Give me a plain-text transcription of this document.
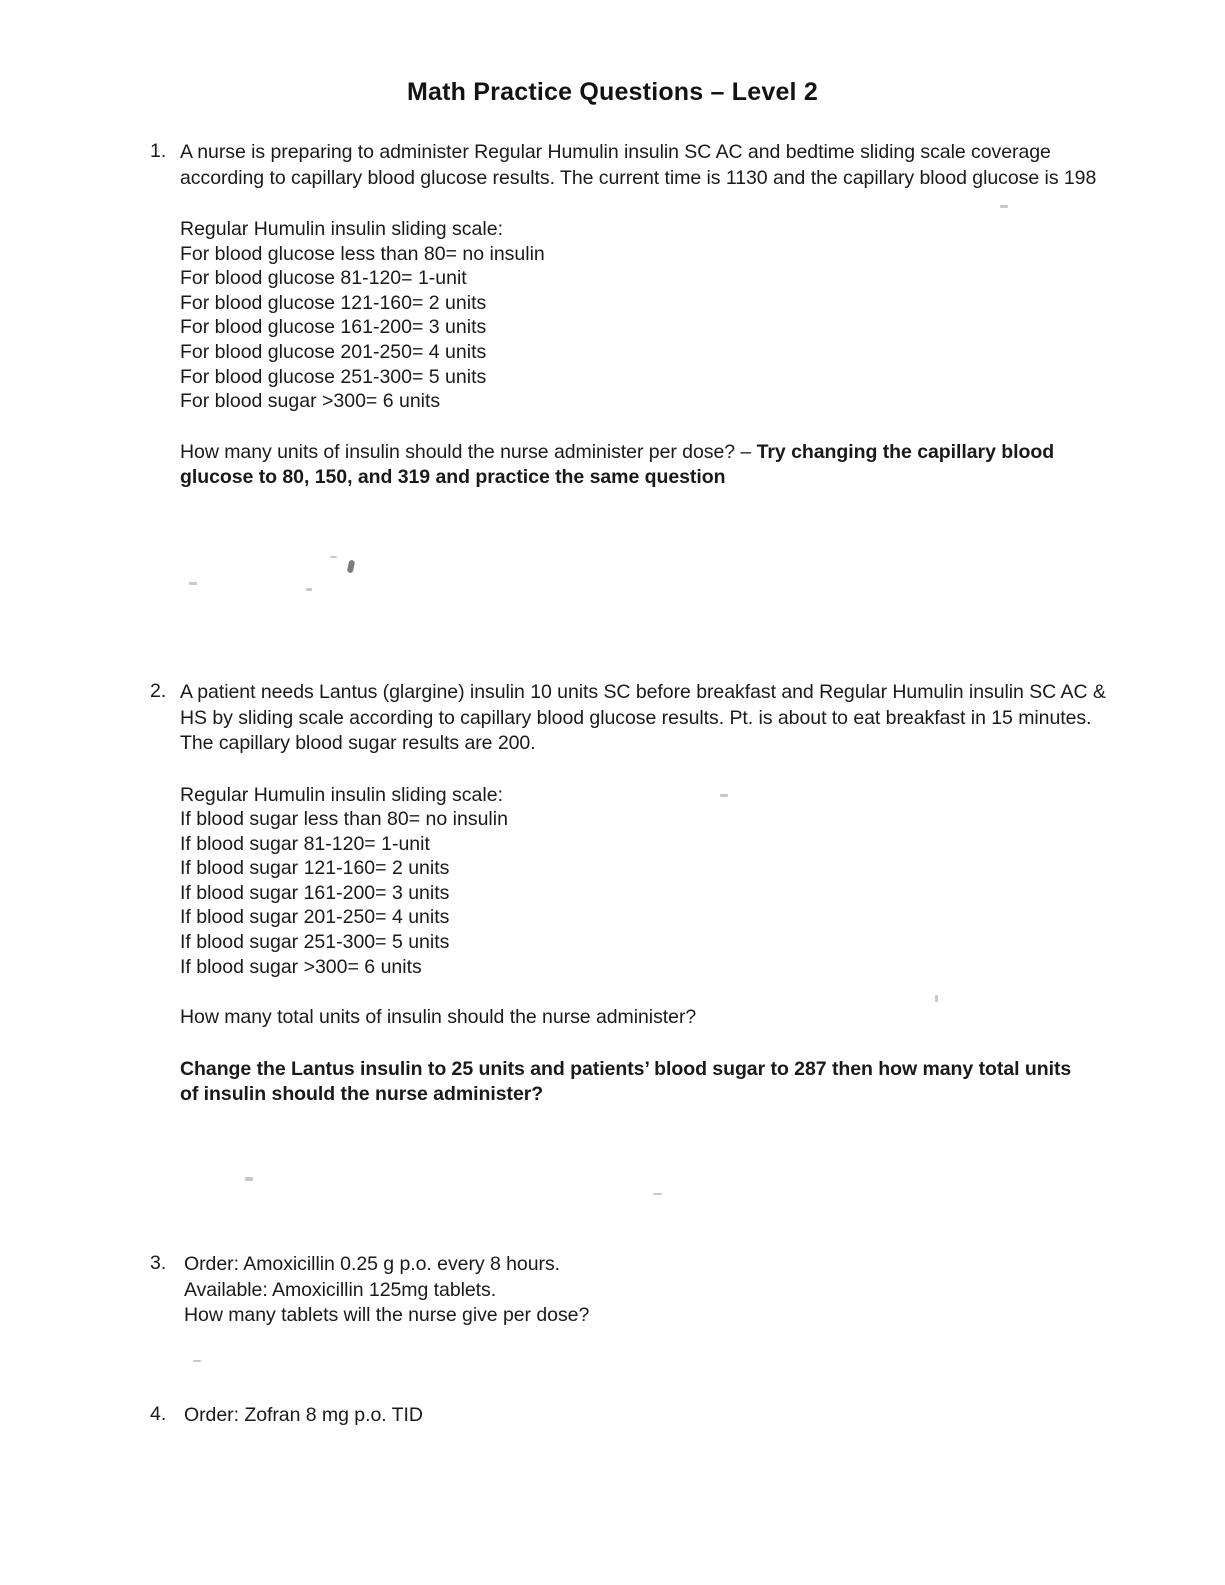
Math Practice Questions – Level 2
1. A nurse is preparing to administer Regular Humulin insulin SC AC and bedtime sliding scale coverage according to capillary blood glucose results. The current time is 1130 and the capillary blood glucose is 198
Regular Humulin insulin sliding scale:
For blood glucose less than 80= no insulin
For blood glucose 81-120= 1-unit
For blood glucose 121-160= 2 units
For blood glucose 161-200= 3 units
For blood glucose 201-250= 4 units
For blood glucose 251-300= 5 units
For blood sugar >300= 6 units
How many units of insulin should the nurse administer per dose? – Try changing the capillary blood glucose to 80, 150, and 319 and practice the same question
2. A patient needs Lantus (glargine) insulin 10 units SC before breakfast and Regular Humulin insulin SC AC & HS by sliding scale according to capillary blood glucose results. Pt. is about to eat breakfast in 15 minutes. The capillary blood sugar results are 200.
Regular Humulin insulin sliding scale:
If blood sugar less than 80= no insulin
If blood sugar 81-120= 1-unit
If blood sugar 121-160= 2 units
If blood sugar 161-200= 3 units
If blood sugar 201-250= 4 units
If blood sugar 251-300= 5 units
If blood sugar >300= 6 units
How many total units of insulin should the nurse administer?
Change the Lantus insulin to 25 units and patients’ blood sugar to 287 then how many total units of insulin should the nurse administer?
3. Order: Amoxicillin 0.25 g p.o. every 8 hours.
Available: Amoxicillin 125mg tablets.
How many tablets will the nurse give per dose?
4. Order: Zofran 8 mg p.o. TID
